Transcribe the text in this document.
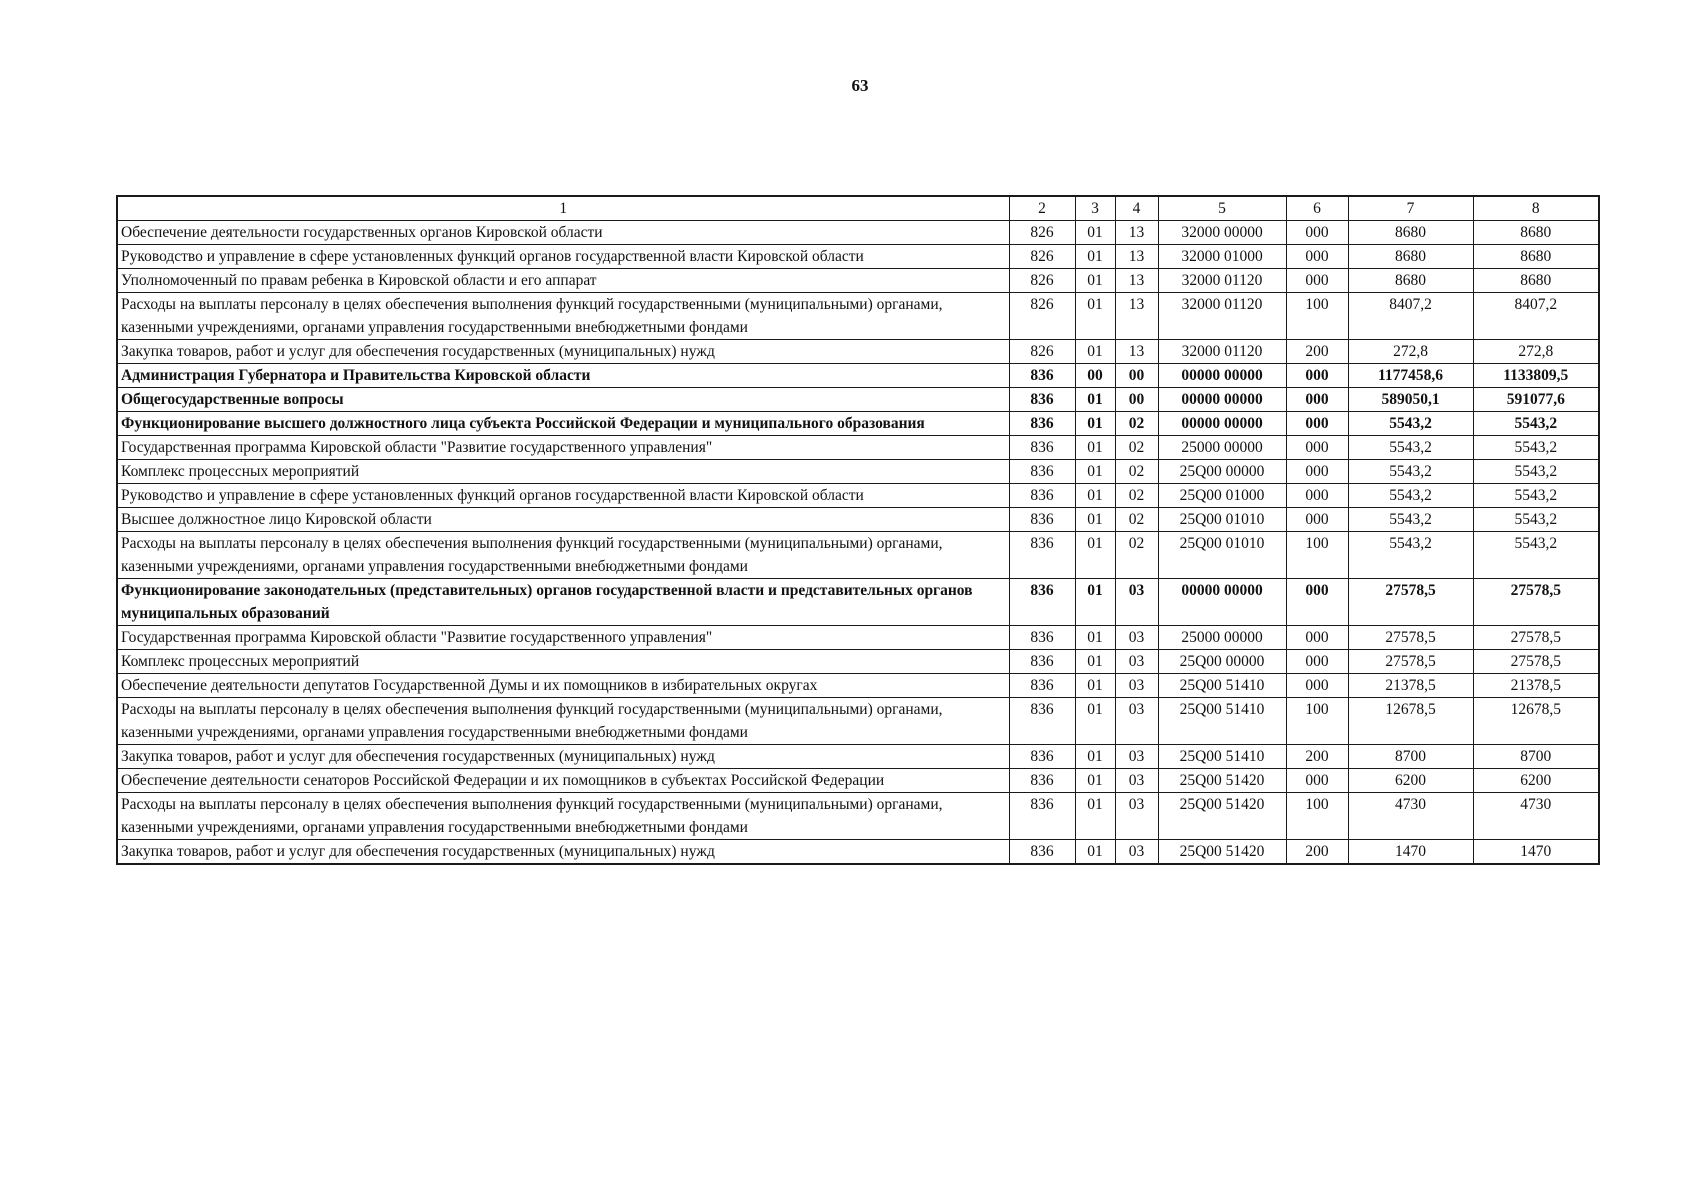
63
1	2	3	4	5	6	7	8
Обеспечение деятельности государственных органов Кировской области	826	01	13	32000 00000	000	8680	8680
Руководство и управление в сфере установленных функций органов государственной власти Кировской области	826	01	13	32000 01000	000	8680	8680
Уполномоченный по правам ребенка в Кировской области и его аппарат	826	01	13	32000 01120	000	8680	8680
Расходы на выплаты персоналу в целях обеспечения выполнения функций государственными (муниципальными) органами, казенными учреждениями, органами управления государственными внебюджетными фондами	826	01	13	32000 01120	100	8407,2	8407,2
Закупка товаров, работ и услуг для обеспечения государственных (муниципальных) нужд	826	01	13	32000 01120	200	272,8	272,8
Администрация Губернатора и Правительства Кировской области	836	00	00	00000 00000	000	1177458,6	1133809,5
Общегосударственные вопросы	836	01	00	00000 00000	000	589050,1	591077,6
Функционирование высшего должностного лица субъекта Российской Федерации и муниципального образования	836	01	02	00000 00000	000	5543,2	5543,2
Государственная программа Кировской области "Развитие государственного управления"	836	01	02	25000 00000	000	5543,2	5543,2
Комплекс процессных мероприятий	836	01	02	25Q00 00000	000	5543,2	5543,2
Руководство и управление в сфере установленных функций органов государственной власти Кировской области	836	01	02	25Q00 01000	000	5543,2	5543,2
Высшее должностное лицо Кировской области	836	01	02	25Q00 01010	000	5543,2	5543,2
Расходы на выплаты персоналу в целях обеспечения выполнения функций государственными (муниципальными) органами, казенными учреждениями, органами управления государственными внебюджетными фондами	836	01	02	25Q00 01010	100	5543,2	5543,2
Функционирование законодательных (представительных) органов государственной власти и представительных органов муниципальных образований	836	01	03	00000 00000	000	27578,5	27578,5
Государственная программа Кировской области "Развитие государственного управления"	836	01	03	25000 00000	000	27578,5	27578,5
Комплекс процессных мероприятий	836	01	03	25Q00 00000	000	27578,5	27578,5
Обеспечение деятельности депутатов Государственной Думы и их помощников в избирательных округах	836	01	03	25Q00 51410	000	21378,5	21378,5
Расходы на выплаты персоналу в целях обеспечения выполнения функций государственными (муниципальными) органами, казенными учреждениями, органами управления государственными внебюджетными фондами	836	01	03	25Q00 51410	100	12678,5	12678,5
Закупка товаров, работ и услуг для обеспечения государственных (муниципальных) нужд	836	01	03	25Q00 51410	200	8700	8700
Обеспечение деятельности сенаторов Российской Федерации и их помощников в субъектах Российской Федерации	836	01	03	25Q00 51420	000	6200	6200
Расходы на выплаты персоналу в целях обеспечения выполнения функций государственными (муниципальными) органами, казенными учреждениями, органами управления государственными внебюджетными фондами	836	01	03	25Q00 51420	100	4730	4730
Закупка товаров, работ и услуг для обеспечения государственных (муниципальных) нужд	836	01	03	25Q00 51420	200	1470	1470
